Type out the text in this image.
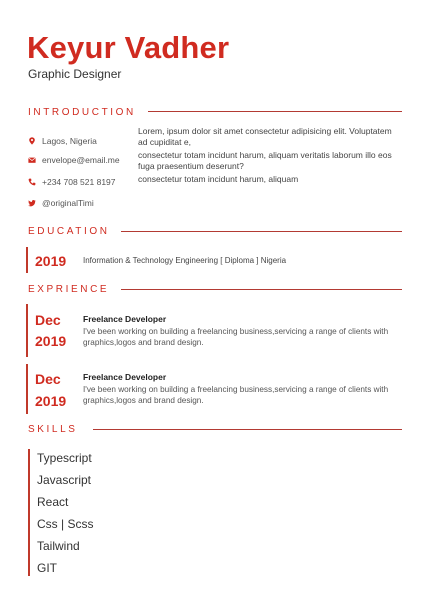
Keyur Vadher
Graphic Designer
INTRODUCTION
Lagos, Nigeria
envelope@email.me
+234 708 521 8197
@originalTimi

Lorem, ipsum dolor sit amet consectetur adipisicing elit. Voluptatem ad cupiditat e,

consectetur totam incidunt harum, aliquam veritatis laborum illo eos fuga praesentium deserunt?

consectetur totam incidunt harum, aliquam

EDUCATION
2019 Information & Technology Engineering [ Diploma ] Nigeria
EXPRIENCE
Dec
2019
Freelance Developer
I've been working on building a freelancing business,servicing a range of clients with graphics,logos and brand design.
Dec
2019
Freelance Developer
I've been working on building a freelancing business,servicing a range of clients with graphics,logos and brand design.
SKILLS
Typescript
Javascript
React
Css | Scss
Tailwind
GIT
